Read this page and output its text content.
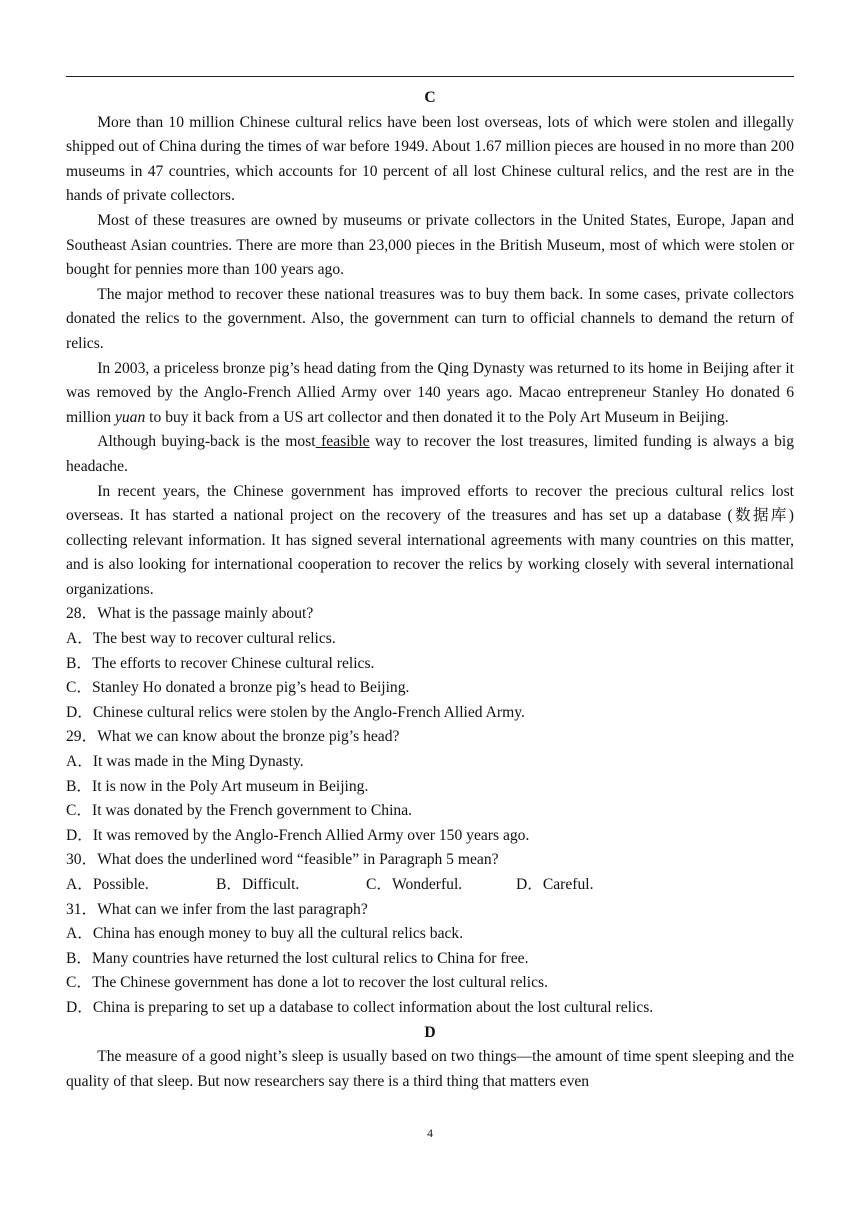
C

More than 10 million Chinese cultural relics have been lost overseas, lots of which were stolen and illegally shipped out of China during the times of war before 1949. About 1.67 million pieces are housed in no more than 200 museums in 47 countries, which accounts for 10 percent of all lost Chinese cultural relics, and the rest are in the hands of private collectors.

Most of these treasures are owned by museums or private collectors in the United States, Europe, Japan and Southeast Asian countries. There are more than 23,000 pieces in the British Museum, most of which were stolen or bought for pennies more than 100 years ago.

The major method to recover these national treasures was to buy them back. In some cases, private collectors donated the relics to the government. Also, the government can turn to official channels to demand the return of relics.

In 2003, a priceless bronze pig’s head dating from the Qing Dynasty was returned to its home in Beijing after it was removed by the Anglo-French Allied Army over 140 years ago. Macao entrepreneur Stanley Ho donated 6 million yuan to buy it back from a US art collector and then donated it to the Poly Art Museum in Beijing.

Although buying-back is the most feasible way to recover the lost treasures, limited funding is always a big headache.

In recent years, the Chinese government has improved efforts to recover the precious cultural relics lost overseas. It has started a national project on the recovery of the treasures and has set up a database (数据库) collecting relevant information. It has signed several international agreements with many countries on this matter, and is also looking for international cooperation to recover the relics by working closely with several international organizations.

28．What is the passage mainly about?
A．The best way to recover cultural relics.
B．The efforts to recover Chinese cultural relics.
C．Stanley Ho donated a bronze pig’s head to Beijing.
D．Chinese cultural relics were stolen by the Anglo-French Allied Army.
29．What we can know about the bronze pig’s head?
A．It was made in the Ming Dynasty.
B．It is now in the Poly Art museum in Beijing.
C．It was donated by the French government to China.
D．It was removed by the Anglo-French Allied Army over 150 years ago.
30．What does the underlined word “feasible” in Paragraph 5 mean?
A．Possible.	B．Difficult.	C．Wonderful.	D．Careful.
31．What can we infer from the last paragraph?
A．China has enough money to buy all the cultural relics back.
B．Many countries have returned the lost cultural relics to China for free.
C．The Chinese government has done a lot to recover the lost cultural relics.
D．China is preparing to set up a database to collect information about the lost cultural relics.
D

The measure of a good night’s sleep is usually based on two things—the amount of time spent sleeping and the quality of that sleep. But now researchers say there is a third thing that matters even

4
